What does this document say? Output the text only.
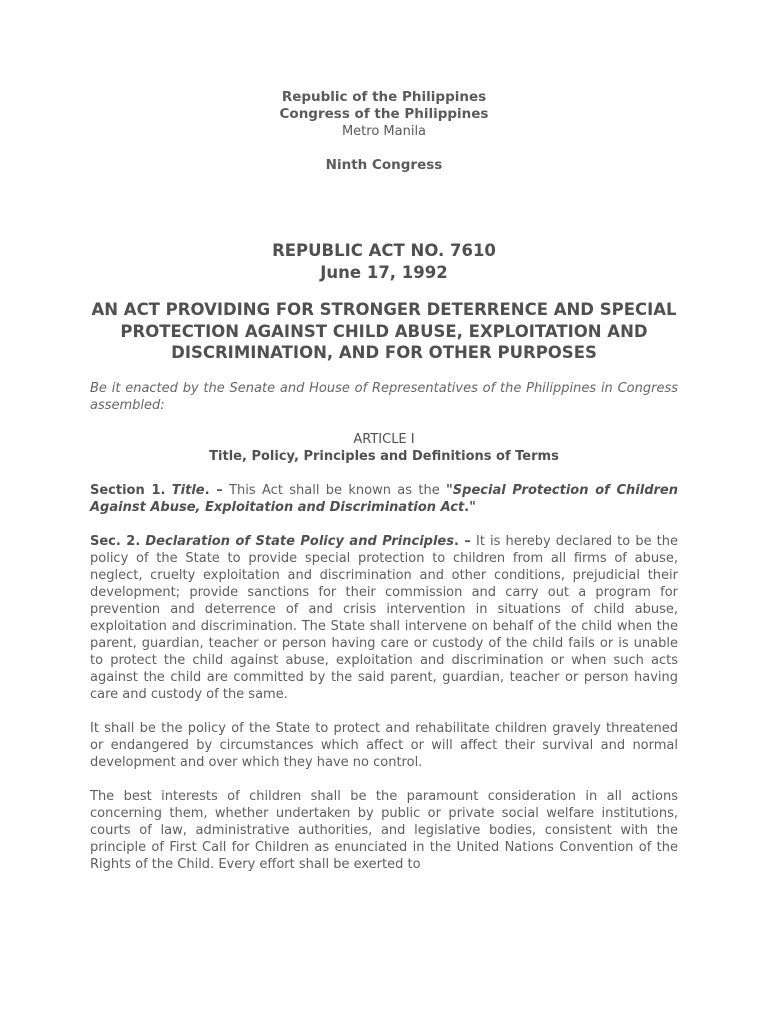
Republic of the Philippines
Congress of the Philippines
Metro Manila
Ninth Congress
REPUBLIC ACT NO. 7610
June 17, 1992
AN ACT PROVIDING FOR STRONGER DETERRENCE AND SPECIAL PROTECTION AGAINST CHILD ABUSE, EXPLOITATION AND DISCRIMINATION, AND FOR OTHER PURPOSES
Be it enacted by the Senate and House of Representatives of the Philippines in Congress assembled:
ARTICLE I
Title, Policy, Principles and Definitions of Terms
Section 1. Title. – This Act shall be known as the "Special Protection of Children Against Abuse, Exploitation and Discrimination Act."
Sec. 2. Declaration of State Policy and Principles. – It is hereby declared to be the policy of the State to provide special protection to children from all firms of abuse, neglect, cruelty exploitation and discrimination and other conditions, prejudicial their development; provide sanctions for their commission and carry out a program for prevention and deterrence of and crisis intervention in situations of child abuse, exploitation and discrimination. The State shall intervene on behalf of the child when the parent, guardian, teacher or person having care or custody of the child fails or is unable to protect the child against abuse, exploitation and discrimination or when such acts against the child are committed by the said parent, guardian, teacher or person having care and custody of the same.
It shall be the policy of the State to protect and rehabilitate children gravely threatened or endangered by circumstances which affect or will affect their survival and normal development and over which they have no control.
The best interests of children shall be the paramount consideration in all actions concerning them, whether undertaken by public or private social welfare institutions, courts of law, administrative authorities, and legislative bodies, consistent with the principle of First Call for Children as enunciated in the United Nations Convention of the Rights of the Child. Every effort shall be exerted to
